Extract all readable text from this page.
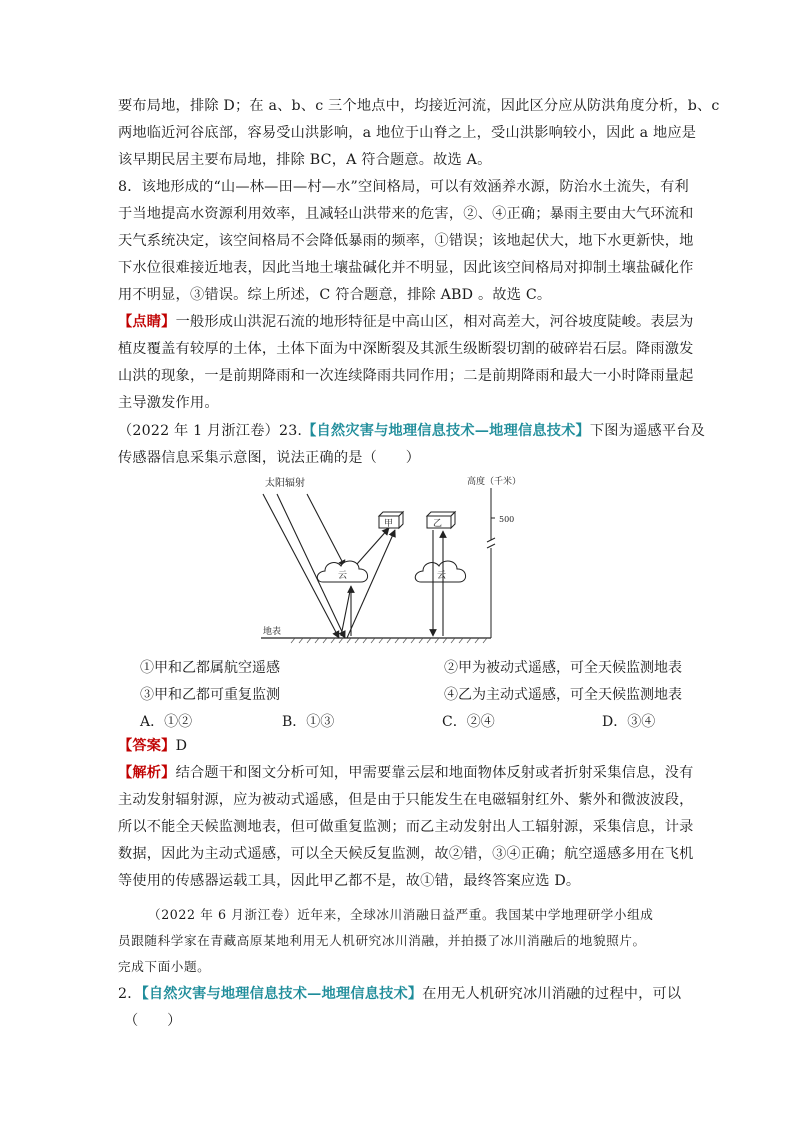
要布局地，排除 D；在 a、b、c 三个地点中，均接近河流，因此区分应从防洪角度分析，b、c
两地临近河谷底部，容易受山洪影响，a 地位于山脊之上，受山洪影响较小，因此 a 地应是
该早期民居主要布局地，排除 BC，A 符合题意。故选 A。
8．该地形成的“山—林—田—村—水”空间格局，可以有效涵养水源，防治水土流失，有利
于当地提高水资源利用效率，且减轻山洪带来的危害，②、④正确；暴雨主要由大气环流和
天气系统决定，该空间格局不会降低暴雨的频率，①错误；该地起伏大，地下水更新快，地
下水位很难接近地表，因此当地土壤盐碱化并不明显，因此该空间格局对抑制土壤盐碱化作
用不明显，③错误。综上所述，C 符合题意，排除 ABD 。故选 C。
【点睛】一般形成山洪泥石流的地形特征是中高山区，相对高差大，河谷坡度陡峻。表层为
植皮覆盖有较厚的土体，土体下面为中深断裂及其派生级断裂切割的破碎岩石层。降雨激发
山洪的现象，一是前期降雨和一次连续降雨共同作用；二是前期降雨和最大一小时降雨量起
主导激发作用。
（2022 年 1 月浙江卷）23.【自然灾害与地理信息技术—地理信息技术】下图为遥感平台及
传感器信息采集示意图，说法正确的是（　　）
太阳辐射
云
甲	乙
云
高度（千米）
500
地表
①甲和乙都属航空遥感	②甲为被动式遥感，可全天候监测地表
③甲和乙都可重复监测	④乙为主动式遥感，可全天候监测地表
A．①②	B．①③	C．②④	D．③④
【答案】D
【解析】结合题干和图文分析可知，甲需要靠云层和地面物体反射或者折射采集信息，没有
主动发射辐射源，应为被动式遥感，但是由于只能发生在电磁辐射红外、紫外和微波波段，
所以不能全天候监测地表，但可做重复监测；而乙主动发射出人工辐射源，采集信息，计录
数据，因此为主动式遥感，可以全天候反复监测，故②错，③④正确；航空遥感多用在飞机
等使用的传感器运载工具，因此甲乙都不是，故①错，最终答案应选 D。
（2022 年 6 月浙江卷）近年来，全球冰川消融日益严重。我国某中学地理研学小组成
员跟随科学家在青藏高原某地利用无人机研究冰川消融，并拍摄了冰川消融后的地貌照片。
完成下面小题。
2．【自然灾害与地理信息技术—地理信息技术】在用无人机研究冰川消融的过程中，可以
（　　）
